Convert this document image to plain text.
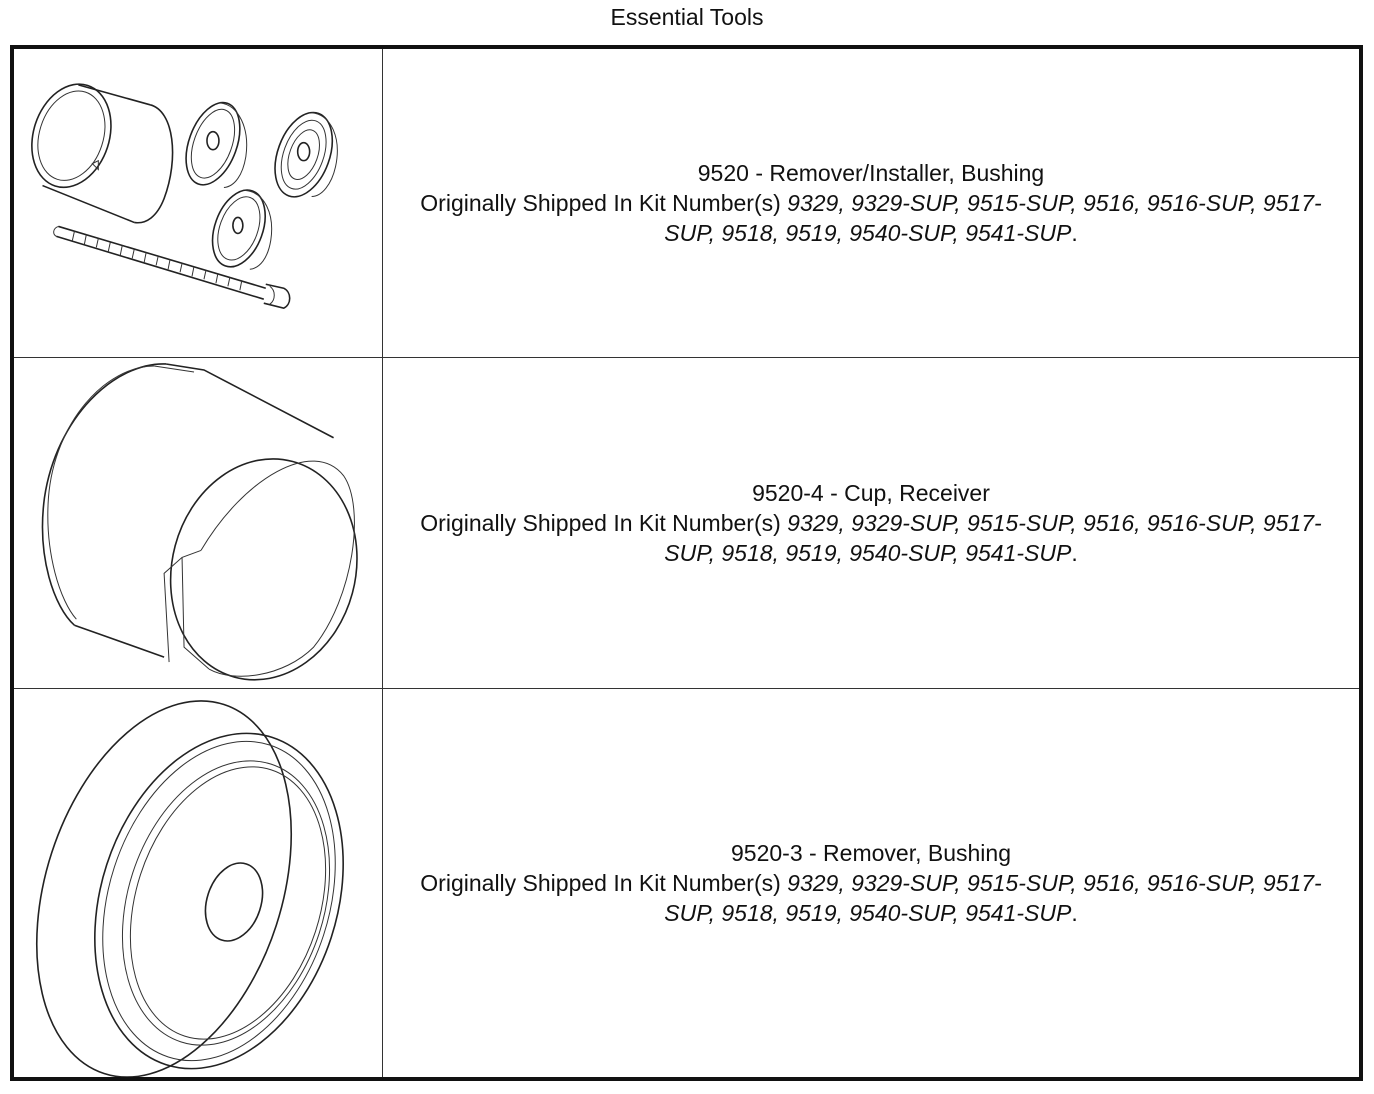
Essential Tools
9520 - Remover/Installer, Bushing
Originally Shipped In Kit Number(s) 9329, 9329-SUP, 9515-SUP, 9516, 9516-SUP, 9517-SUP, 9518, 9519, 9540-SUP, 9541-SUP.
9520-4 - Cup, Receiver
Originally Shipped In Kit Number(s) 9329, 9329-SUP, 9515-SUP, 9516, 9516-SUP, 9517-SUP, 9518, 9519, 9540-SUP, 9541-SUP.
9520-3 - Remover, Bushing
Originally Shipped In Kit Number(s) 9329, 9329-SUP, 9515-SUP, 9516, 9516-SUP, 9517-SUP, 9518, 9519, 9540-SUP, 9541-SUP.
